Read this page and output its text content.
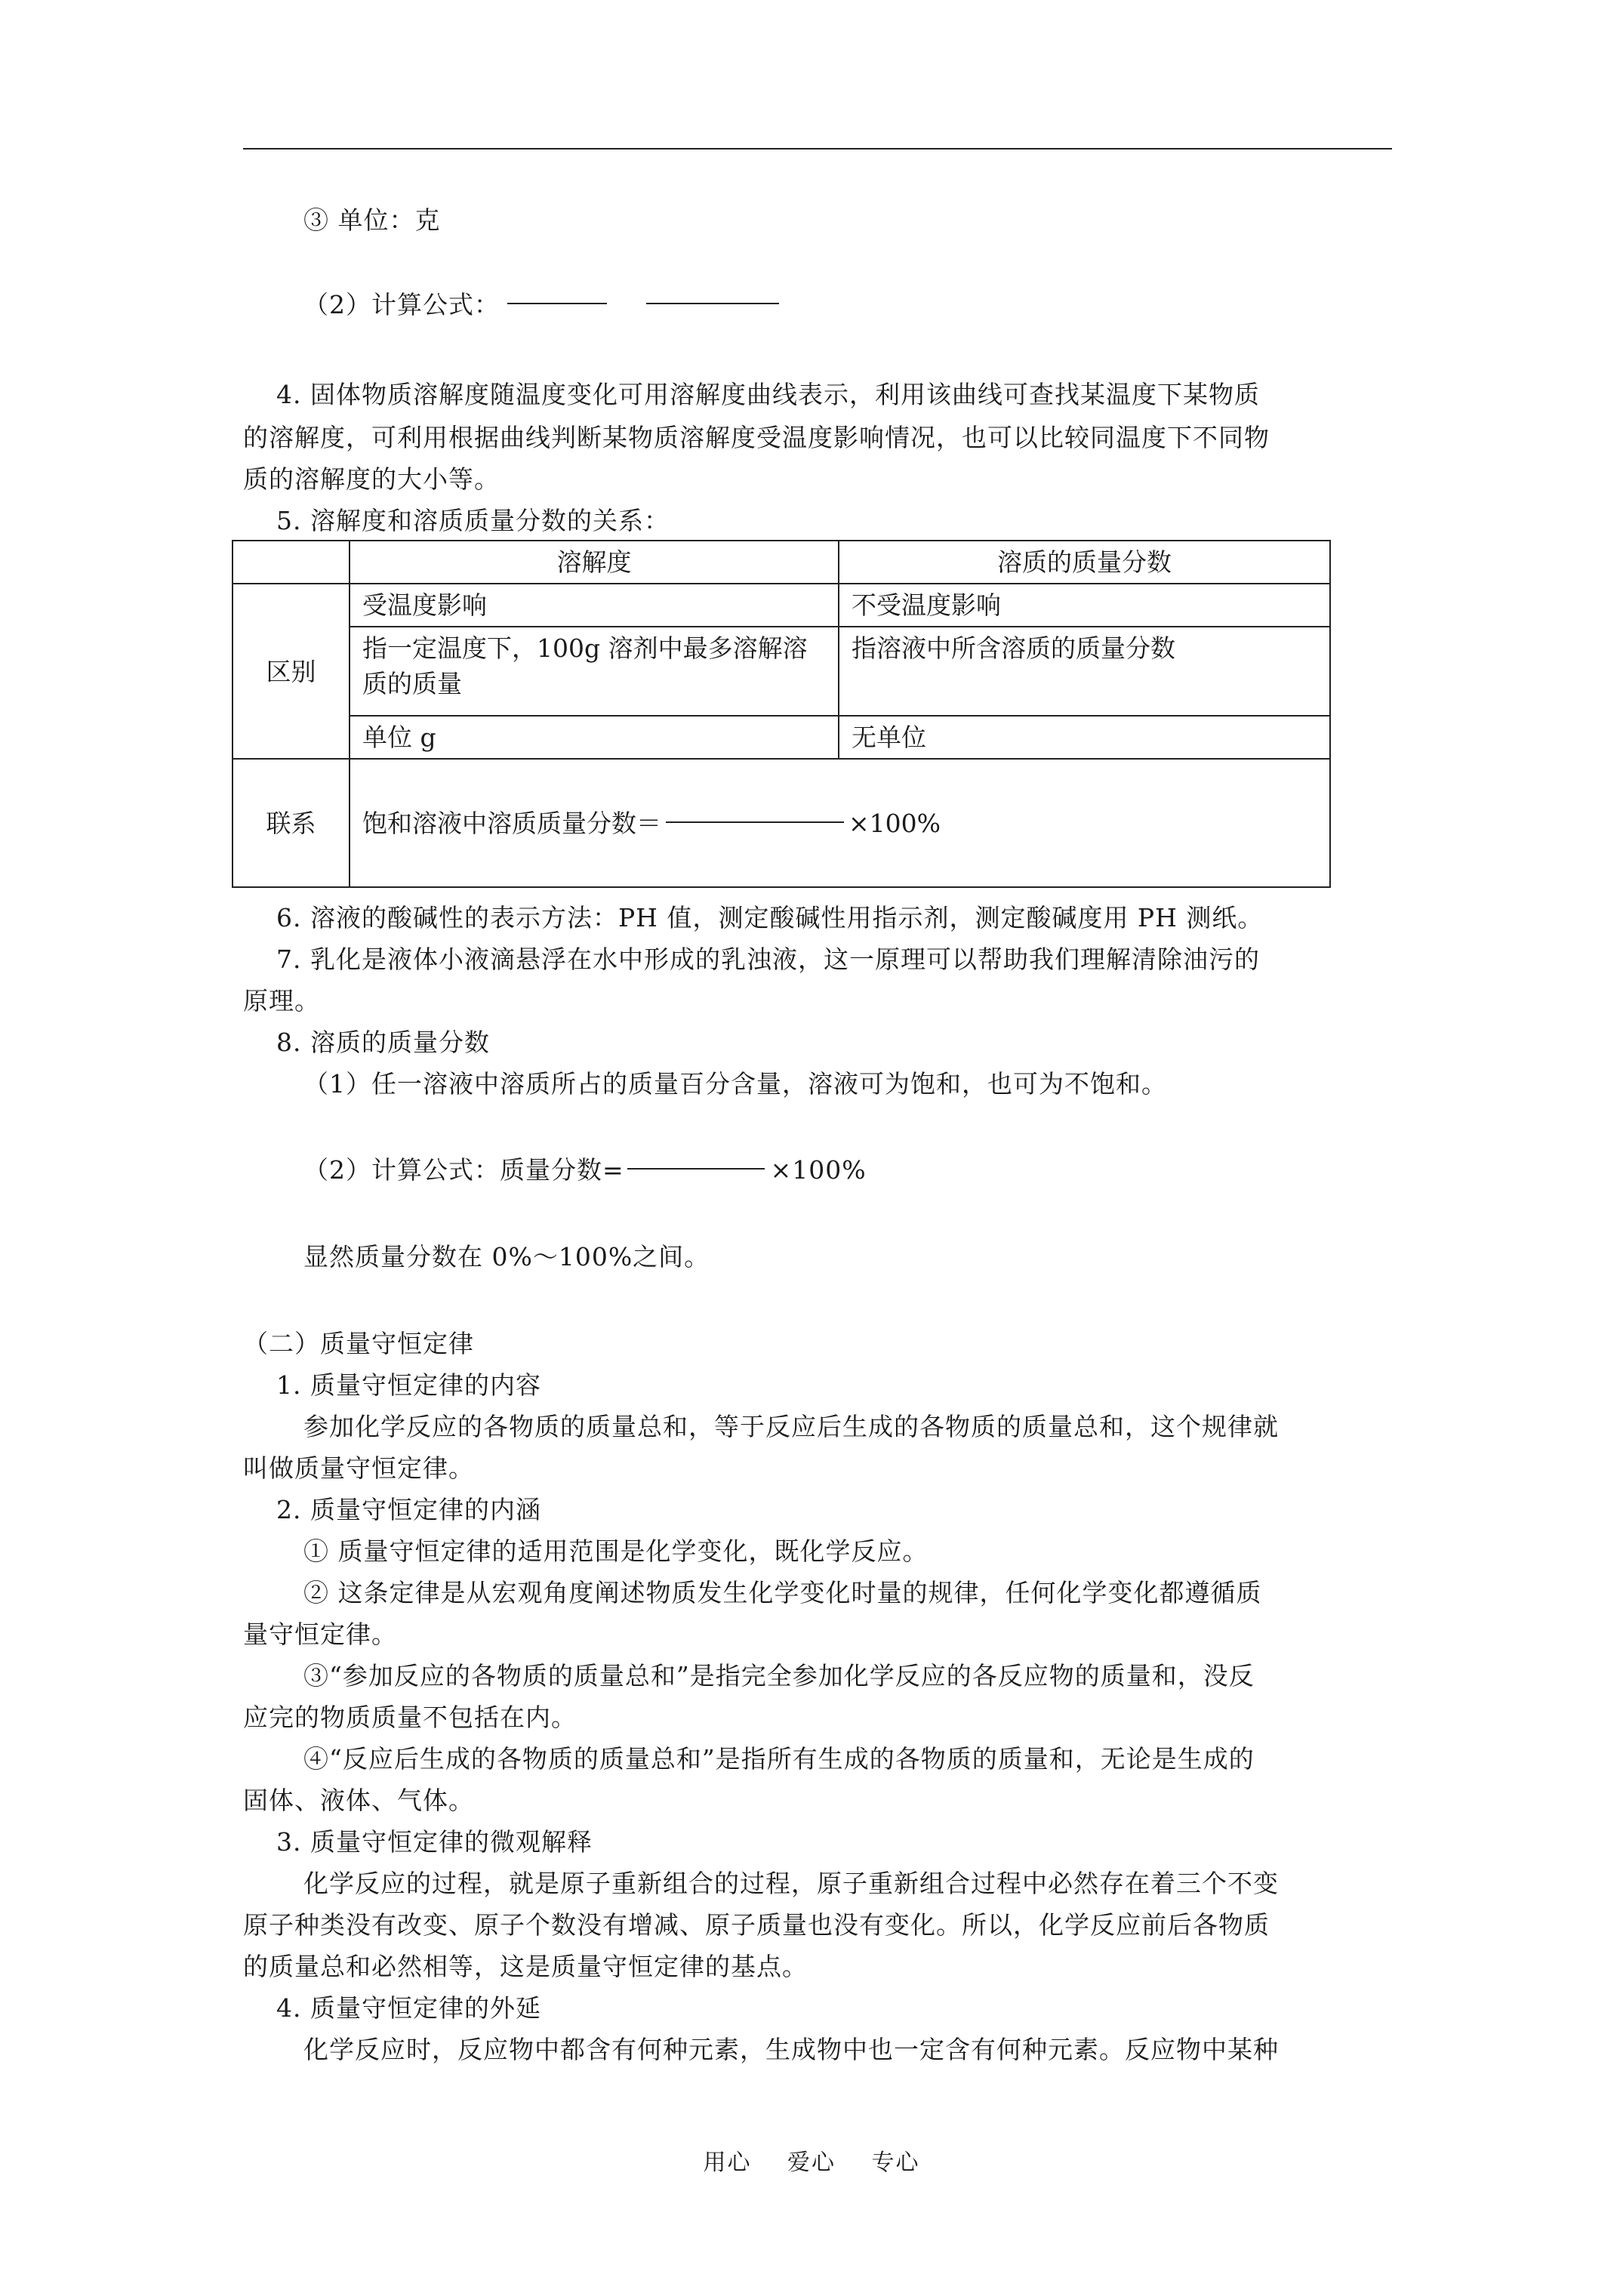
③ 单位：克
（2）计算公式：
4. 固体物质溶解度随温度变化可用溶解度曲线表示，利用该曲线可查找某温度下某物质
的溶解度，可利用根据曲线判断某物质溶解度受温度影响情况，也可以比较同温度下不同物
质的溶解度的大小等。
5. 溶解度和溶质质量分数的关系：
	溶解度	溶质的质量分数
区别	受温度影响	不受温度影响
	指一定温度下，100g 溶剂中最多溶解溶质的质量	指溶液中所含溶质的质量分数
	单位 g	无单位
联系	饱和溶液中溶质质量分数＝ ×100%	
6. 溶液的酸碱性的表示方法：PH 值，测定酸碱性用指示剂，测定酸碱度用 PH 测纸。
7. 乳化是液体小液滴悬浮在水中形成的乳浊液，这一原理可以帮助我们理解清除油污的
原理。
8. 溶质的质量分数
（1）任一溶液中溶质所占的质量百分含量，溶液可为饱和，也可为不饱和。
（2）计算公式：质量分数=	×100%
显然质量分数在 0%～100%之间。
（二）质量守恒定律
1. 质量守恒定律的内容
参加化学反应的各物质的质量总和，等于反应后生成的各物质的质量总和，这个规律就
叫做质量守恒定律。
2. 质量守恒定律的内涵
① 质量守恒定律的适用范围是化学变化，既化学反应。
② 这条定律是从宏观角度阐述物质发生化学变化时量的规律，任何化学变化都遵循质
量守恒定律。
③“参加反应的各物质的质量总和”是指完全参加化学反应的各反应物的质量和，没反
应完的物质质量不包括在内。
④“反应后生成的各物质的质量总和”是指所有生成的各物质的质量和，无论是生成的
固体、液体、气体。
3. 质量守恒定律的微观解释
化学反应的过程，就是原子重新组合的过程，原子重新组合过程中必然存在着三个不变
原子种类没有改变、原子个数没有增减、原子质量也没有变化。所以，化学反应前后各物质
的质量总和必然相等，这是质量守恒定律的基点。
4. 质量守恒定律的外延
化学反应时，反应物中都含有何种元素，生成物中也一定含有何种元素。反应物中某种
用心 爱心 专心
